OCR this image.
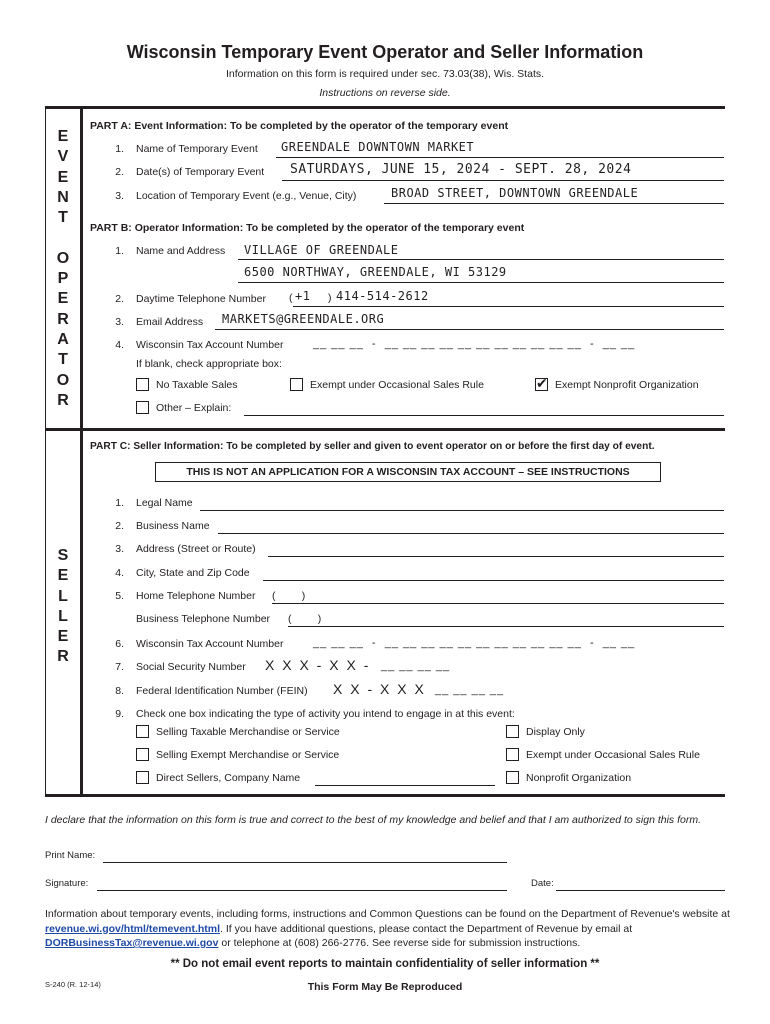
Wisconsin Temporary Event Operator and Seller Information
Information on this form is required under sec. 73.03(38), Wis. Stats.
Instructions on reverse side.
E
V
E
N
T

O
P
E
R
A
T
O
R
S
E
L
L
E
R
PART A: Event Information: To be completed by the operator of the temporary event
1. Name of Temporary Event GREENDALE DOWNTOWN MARKET
2. Date(s) of Temporary Event SATURDAYS, JUNE 15, 2024 - SEPT. 28, 2024
3. Location of Temporary Event (e.g., Venue, City)	BROAD STREET, DOWNTOWN GREENDALE
PART B: Operator Information: To be completed by the operator of the temporary event
1. Name and Address VILLAGE OF GREENDALE
6500 NORTHWAY, GREENDALE, WI 53129
2. Daytime Telephone Number ( +1 ) 414-514-2612
3. Email Address MARKETS@GREENDALE.ORG
4. Wisconsin Tax Account Number	__ __ __  -  __ __ __ __ __ __ __ __ __ __ __  -  __ __
If blank, check appropriate box:
No Taxable Sales	Exempt under Occasional Sales Rule	✔ Exempt Nonprofit Organization
Other – Explain:
PART C: Seller Information: To be completed by seller and given to event operator on or before the first day of event.
THIS IS NOT AN APPLICATION FOR A WISCONSIN TAX ACCOUNT – SEE INSTRUCTIONS
1. Legal Name
2. Business Name
3. Address (Street or Route)
4. City, State and Zip Code
5. Home Telephone Number (         )
Business Telephone Number (         )
6. Wisconsin Tax Account Number	__ __ __  -  __ __ __ __ __ __ __ __ __ __ __  -  __ __
7. Social Security Number X X X - X X - __ __ __ __
8. Federal Identification Number (FEIN) X X - X X X __ __ __ __
9. Check one box indicating the type of activity you intend to engage in at this event:
Selling Taxable Merchandise or Service	Display Only
Selling Exempt Merchandise or Service	Exempt under Occasional Sales Rule
Direct Sellers, Company Name	Nonprofit Organization
I declare that the information on this form is true and correct to the best of my knowledge and belief and that I am authorized to sign this form.
Print Name:
Signature:	Date:
Information about temporary events, including forms, instructions and Common Questions can be found on the Department of Revenue's website at revenue.wi.gov/html/temevent.html. If you have additional questions, please contact the Department of Revenue by email at DORBusinessTax@revenue.wi.gov or telephone at (608) 266-2776. See reverse side for submission instructions.
** Do not email event reports to maintain confidentiality of seller information **
S-240 (R. 12-14)	This Form May Be Reproduced
